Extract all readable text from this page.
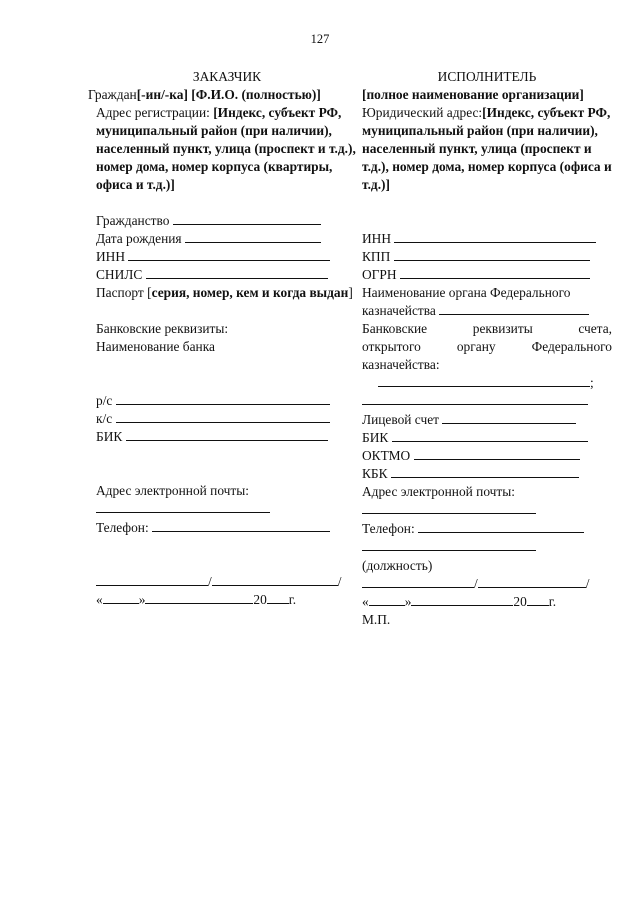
127

ЗАКАЗЧИК

Граждан[-ин/-ка] [Ф.И.О. (полностью)]
Адрес регистрации: [Индекс, субъект РФ, муниципальный район (при наличии), населенный пункт, улица (проспект и т.д.), номер дома, номер корпуса (квартиры, офиса и т.д.)]
Гражданство
Дата рождения
ИНН
СНИЛС
Паспорт [серия, номер, кем и когда выдан]
Банковские реквизиты:
Наименование банка
р/с
к/с
БИК
Адрес электронной почты:
Телефон:
/	/
«	»	20 г.

ИСПОЛНИТЕЛЬ

[полное наименование организации]
Юридический адрес:[Индекс, субъект РФ, муниципальный район (при наличии), населенный пункт, улица (проспект и т.д.), номер дома, номер корпуса (офиса и т.д.)]
ИНН
КПП
ОГРН
Наименование органа Федерального
казначейства
Банковские реквизиты счета,
открытого органу Федерального
казначейства:
;
Лицевой счет
БИК
ОКТМО
КБК
Адрес электронной почты:
Телефон:
(должность)
/	/
«	»	20 г.
М.П.
